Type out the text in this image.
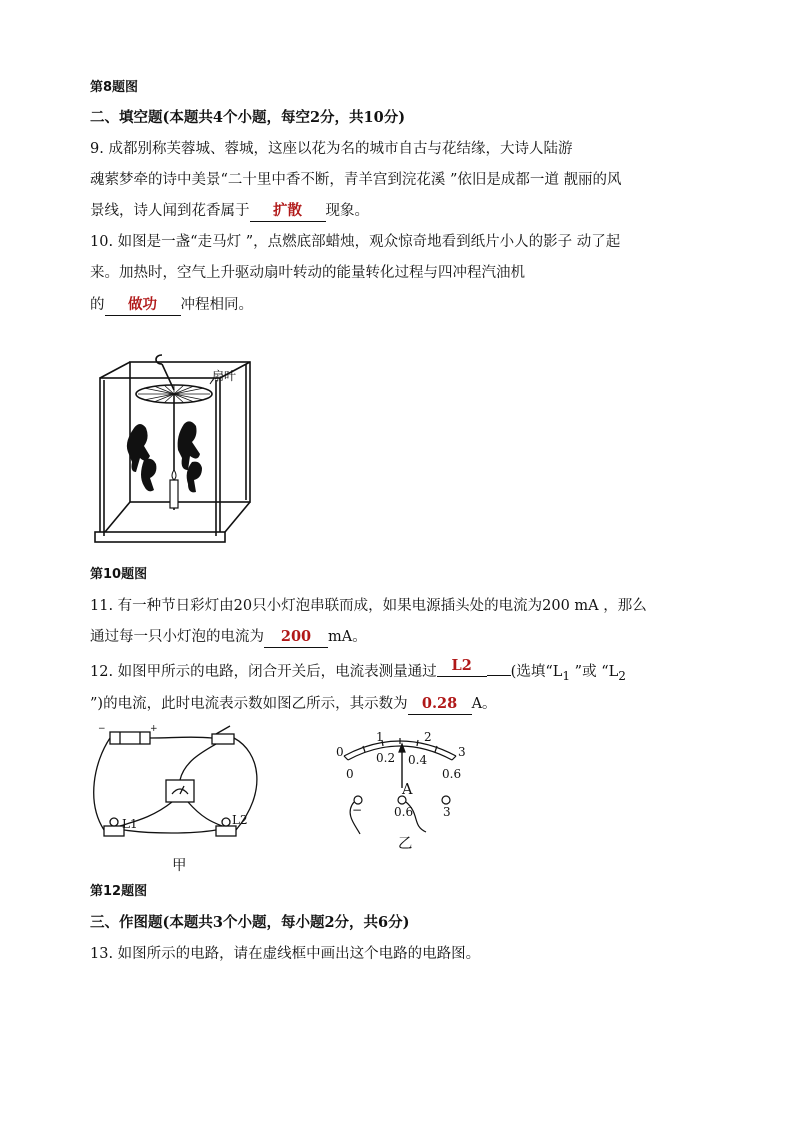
第8题图
二、填空题(本题共4个小题，每空2分，共10分)
9. 成都别称芙蓉城、蓉城，这座以花为名的城市自古与花结缘，大诗人陆游
魂萦梦牵的诗中美景“二十里中香不断，青羊宫到浣花溪 ”依旧是成都一道 靓丽的风
景线，诗人闻到花香属于 扩散 现象。
10. 如图是一盏“走马灯 ”，点燃底部蜡烛，观众惊奇地看到纸片小人的影子 动了起
来。加热时，空气上升驱动扇叶转动的能量转化过程与四冲程汽油机
的 做功 冲程相同。
扇叶
第10题图
11. 有一种节日彩灯由20只小灯泡串联而成，如果电源插头处的电流为200 mA ，那么
通过每一只小灯泡的电流为 200 mA。
12. 如图甲所示的电路，闭合开关后，电流表测量通过 L2	(选填“$L_1$ ”或 “$L_2$
”)的电流，此时电流表示数如图乙所示，其示数为 0.28 A。
−	+
L1	L2
甲
0
1	2
3
0
0.2 0.4
0.6
A
−	0.6 3
乙
第12题图
三、作图题(本题共3个小题，每小题2分，共6分)
13. 如图所示的电路，请在虚线框中画出这个电路的电路图。
